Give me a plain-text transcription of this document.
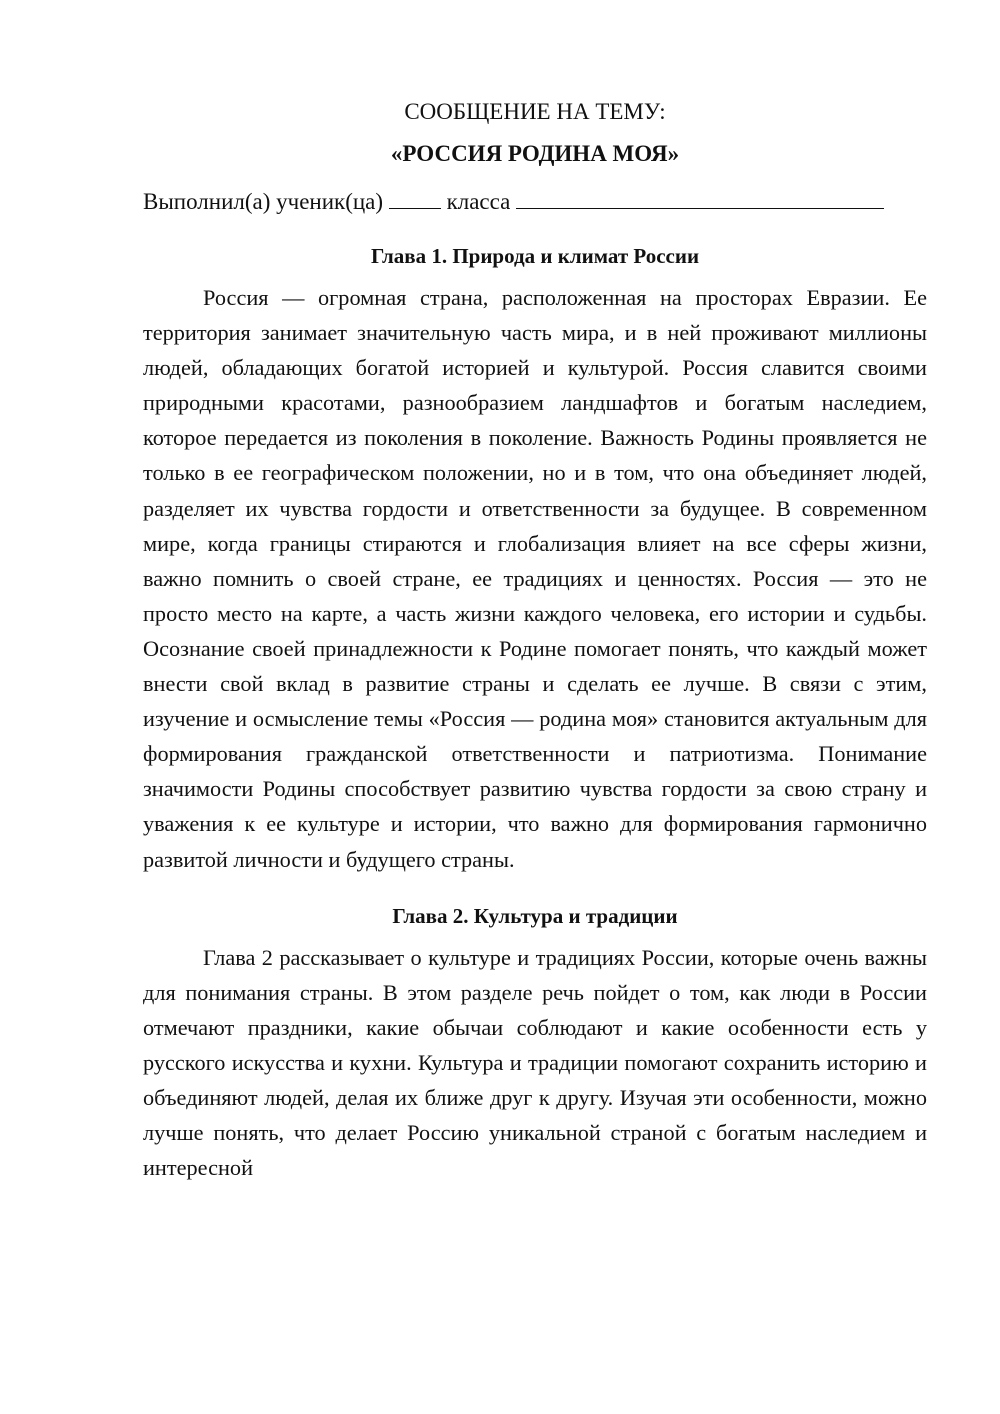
СООБЩЕНИЕ НА ТЕМУ:
«РОССИЯ РОДИНА МОЯ»

Выполнил(а) ученик(ца)	класса

Глава 1. Природа и климат России

Россия — огромная страна, расположенная на просторах Евразии. Ее территория занимает значительную часть мира, и в ней проживают миллионы людей, обладающих богатой историей и культурой. Россия славится своими природными красотами, разнообразием ландшафтов и богатым наследием, которое передается из поколения в поколение. Важность Родины проявляется не только в ее географическом положении, но и в том, что она объединяет людей, разделяет их чувства гордости и ответственности за будущее. В современном мире, когда границы стираются и глобализация влияет на все сферы жизни, важно помнить о своей стране, ее традициях и ценностях. Россия — это не просто место на карте, а часть жизни каждого человека, его истории и судьбы. Осознание своей принадлежности к Родине помогает понять, что каждый может внести свой вклад в развитие страны и сделать ее лучше. В связи с этим, изучение и осмысление темы «Россия — родина моя» становится актуальным для формирования гражданской ответственности и патриотизма. Понимание значимости Родины способствует развитию чувства гордости за свою страну и уважения к ее культуре и истории, что важно для формирования гармонично развитой личности и будущего страны.

Глава 2. Культура и традиции

Глава 2 рассказывает о культуре и традициях России, которые очень важны для понимания страны. В этом разделе речь пойдет о том, как люди в России отмечают праздники, какие обычаи соблюдают и какие особенности есть у русского искусства и кухни. Культура и традиции помогают сохранить историю и объединяют людей, делая их ближе друг к другу. Изучая эти особенности, можно лучше понять, что делает Россию уникальной страной с богатым наследием и интересной
